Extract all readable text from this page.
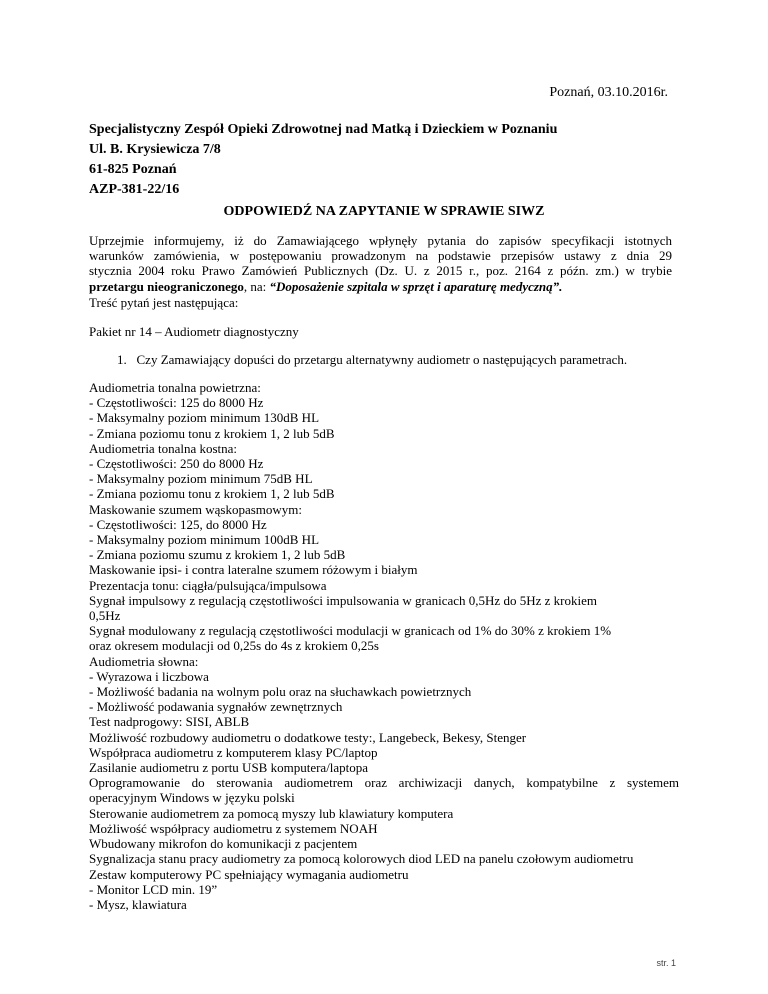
Poznań, 03.10.2016r.
Specjalistyczny Zespół Opieki Zdrowotnej nad Matką i Dzieckiem w Poznaniu
Ul. B. Krysiewicza 7/8
61-825 Poznań
AZP-381-22/16
ODPOWIEDŹ NA ZAPYTANIE W SPRAWIE SIWZ
Uprzejmie informujemy, iż do Zamawiającego wpłynęły pytania do zapisów specyfikacji istotnych
warunków zamówienia, w postępowaniu prowadzonym na podstawie przepisów ustawy z dnia 29
stycznia 2004 roku Prawo Zamówień Publicznych (Dz. U. z 2015 r., poz. 2164 z późn. zm.) w trybie
przetargu nieograniczonego, na: “Doposażenie szpitala w sprzęt i aparaturę medyczną”.
Treść pytań jest następująca:
Pakiet nr 14 – Audiometr diagnostyczny
1.   Czy Zamawiający dopuści do przetargu alternatywny audiometr o następujących parametrach.
Audiometria tonalna powietrzna:
- Częstotliwości: 125 do 8000 Hz
- Maksymalny poziom minimum 130dB HL
- Zmiana poziomu tonu z krokiem 1, 2 lub 5dB
Audiometria tonalna kostna:
- Częstotliwości: 250 do 8000 Hz
- Maksymalny poziom minimum 75dB HL
- Zmiana poziomu tonu z krokiem 1, 2 lub 5dB
Maskowanie szumem wąskopasmowym:
- Częstotliwości: 125, do 8000 Hz
- Maksymalny poziom minimum 100dB HL
- Zmiana poziomu szumu z krokiem 1, 2 lub 5dB
Maskowanie ipsi- i contra lateralne szumem różowym i białym
Prezentacja tonu: ciągła/pulsująca/impulsowa
Sygnał impulsowy z regulacją częstotliwości impulsowania w granicach 0,5Hz do 5Hz z krokiem
0,5Hz
Sygnał modulowany z regulacją częstotliwości modulacji w granicach od 1% do 30% z krokiem 1%
oraz okresem modulacji od 0,25s do 4s z krokiem 0,25s
Audiometria słowna:
- Wyrazowa i liczbowa
- Możliwość badania na wolnym polu oraz na słuchawkach powietrznych
- Możliwość podawania sygnałów zewnętrznych
Test nadprogowy: SISI, ABLB
Możliwość rozbudowy audiometru o dodatkowe testy:, Langebeck, Bekesy, Stenger
Współpraca audiometru z komputerem klasy PC/laptop
Zasilanie audiometru z portu USB komputera/laptopa
Oprogramowanie do sterowania audiometrem oraz archiwizacji danych, kompatybilne z systemem
operacyjnym Windows w języku polski
Sterowanie audiometrem za pomocą myszy lub klawiatury komputera
Możliwość współpracy audiometru z systemem NOAH
Wbudowany mikrofon do komunikacji z pacjentem
Sygnalizacja stanu pracy audiometry za pomocą kolorowych diod LED na panelu czołowym audiometru
Zestaw komputerowy PC spełniający wymagania audiometru
- Monitor LCD min. 19”
- Mysz, klawiatura
str. 1
